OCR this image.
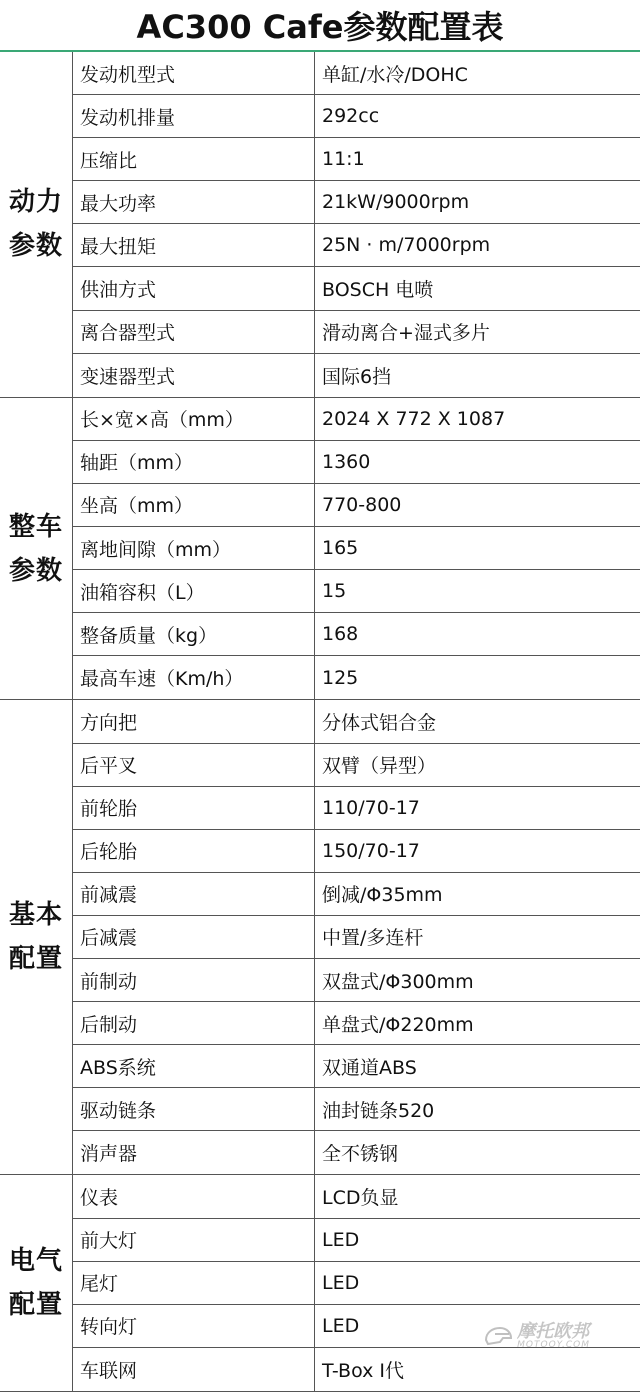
AC300 Cafe参数配置表
动力
参数
发动机型式	单缸/水冷/DOHC
发动机排量	292cc
压缩比	11:1
最大功率	21kW/9000rpm
最大扭矩	25N · m/7000rpm
供油方式	BOSCH 电喷
离合器型式	滑动离合+湿式多片
变速器型式	国际6挡
整车
参数
长×宽×高（mm）	2024 X 772 X 1087
轴距（mm）	1360
坐高（mm）	770-800
离地间隙（mm）	165
油箱容积（L）	15
整备质量（kg）	168
最高车速（Km/h）	125
基本
配置
方向把	分体式铝合金
后平叉	双臂（异型）
前轮胎	110/70-17
后轮胎	150/70-17
前减震	倒减/Φ35mm
后减震	中置/多连杆
前制动	双盘式/Φ300mm
后制动	单盘式/Φ220mm
ABS系统	双通道ABS
驱动链条	油封链条520
消声器	全不锈钢
电气
配置
仪表	LCD负显
前大灯	LED
尾灯	LED
转向灯	LED
车联网	T-Box I代
摩托欧邦
MOTOOY.COM
